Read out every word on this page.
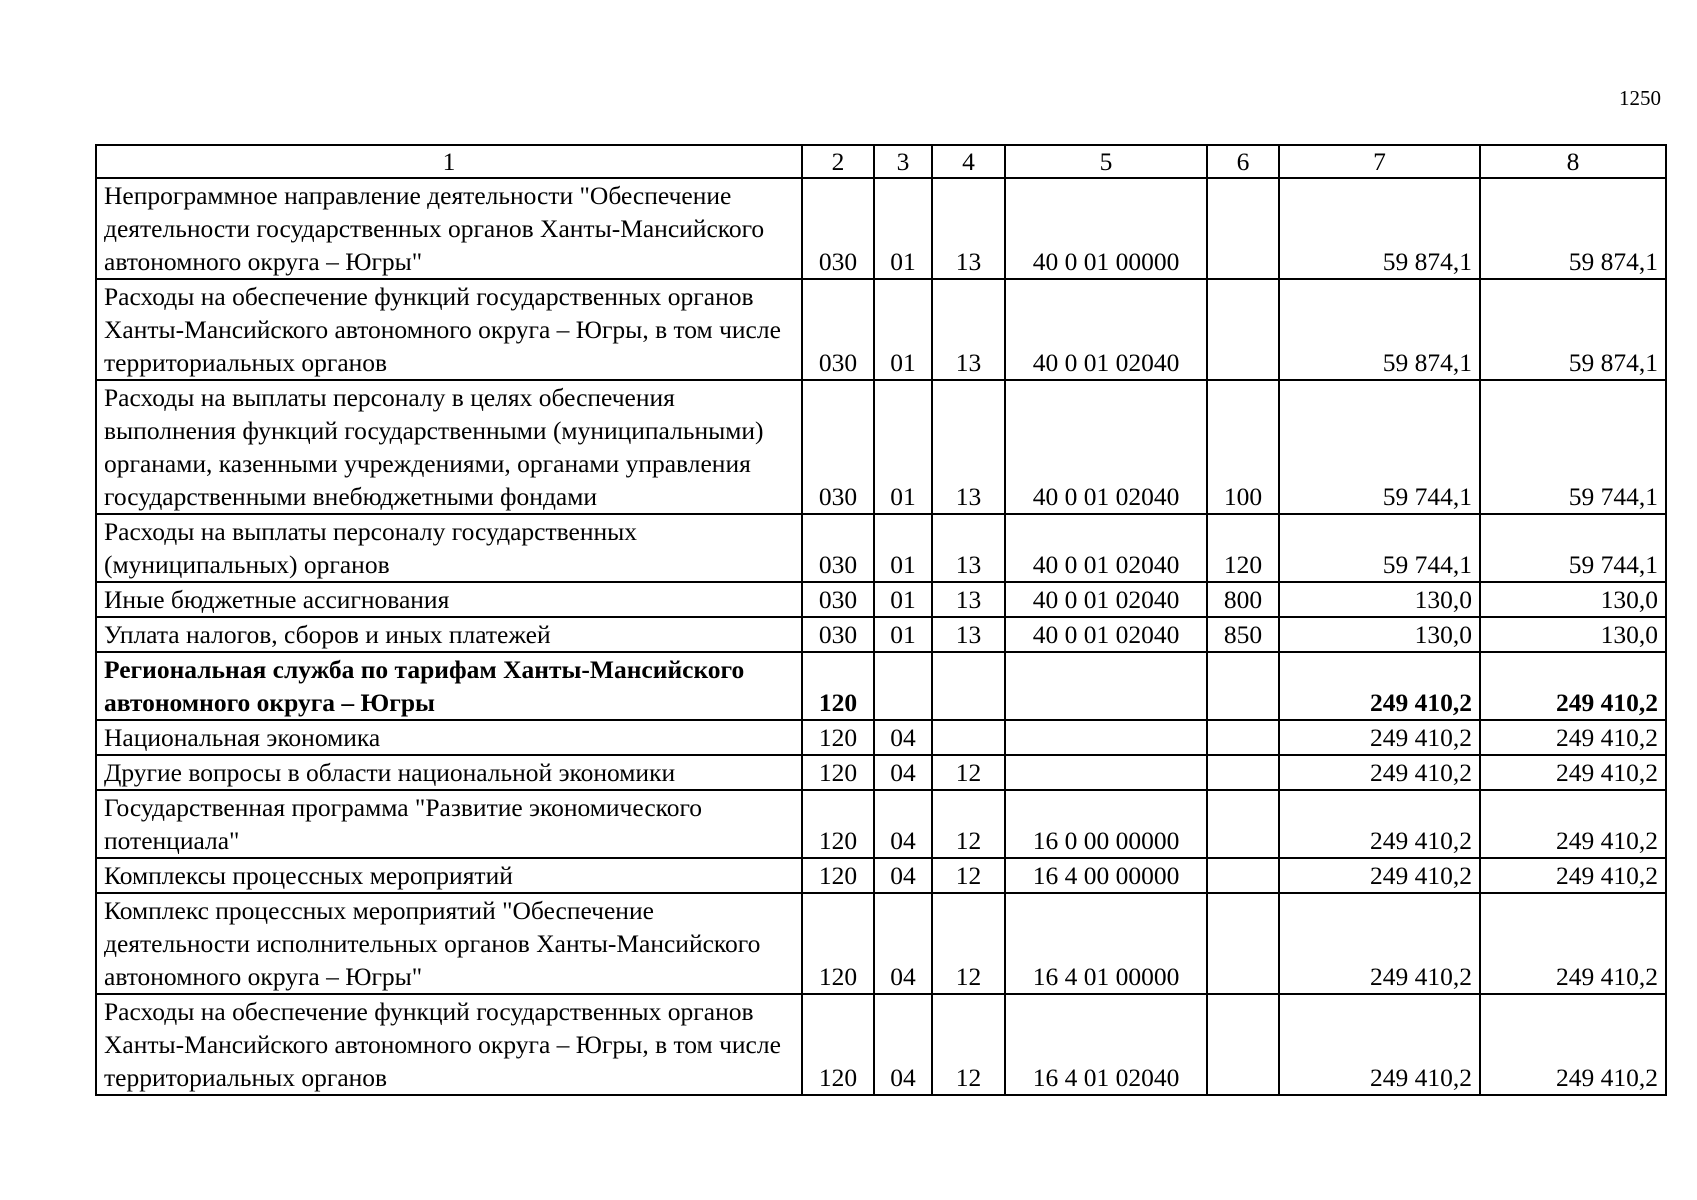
1250
1	2	3	4	5	6	7	8
Непрограммное направление деятельности "Обеспечение деятельности государственных органов Ханты-Мансийского автономного округа – Югры"	030	01	13	40 0 01 00000		59 874,1	59 874,1
Расходы на обеспечение функций государственных органов Ханты-Мансийского автономного округа – Югры, в том числе территориальных органов	030	01	13	40 0 01 02040		59 874,1	59 874,1
Расходы на выплаты персоналу в целях обеспечения выполнения функций государственными (муниципальными) органами, казенными учреждениями, органами управления государственными внебюджетными фондами	030	01	13	40 0 01 02040	100	59 744,1	59 744,1
Расходы на выплаты персоналу государственных (муниципальных) органов	030	01	13	40 0 01 02040	120	59 744,1	59 744,1
Иные бюджетные ассигнования	030	01	13	40 0 01 02040	800	130,0	130,0
Уплата налогов, сборов и иных платежей	030	01	13	40 0 01 02040	850	130,0	130,0
Региональная служба по тарифам Ханты-Мансийского автономного округа – Югры	120					249 410,2	249 410,2
Национальная экономика	120	04				249 410,2	249 410,2
Другие вопросы в области национальной экономики	120	04	12			249 410,2	249 410,2
Государственная программа "Развитие экономического потенциала"	120	04	12	16 0 00 00000		249 410,2	249 410,2
Комплексы процессных мероприятий	120	04	12	16 4 00 00000		249 410,2	249 410,2
Комплекс процессных мероприятий "Обеспечение деятельности исполнительных органов Ханты-Мансийского автономного округа – Югры"	120	04	12	16 4 01 00000		249 410,2	249 410,2
Расходы на обеспечение функций государственных органов Ханты-Мансийского автономного округа – Югры, в том числе территориальных органов	120	04	12	16 4 01 02040		249 410,2	249 410,2
